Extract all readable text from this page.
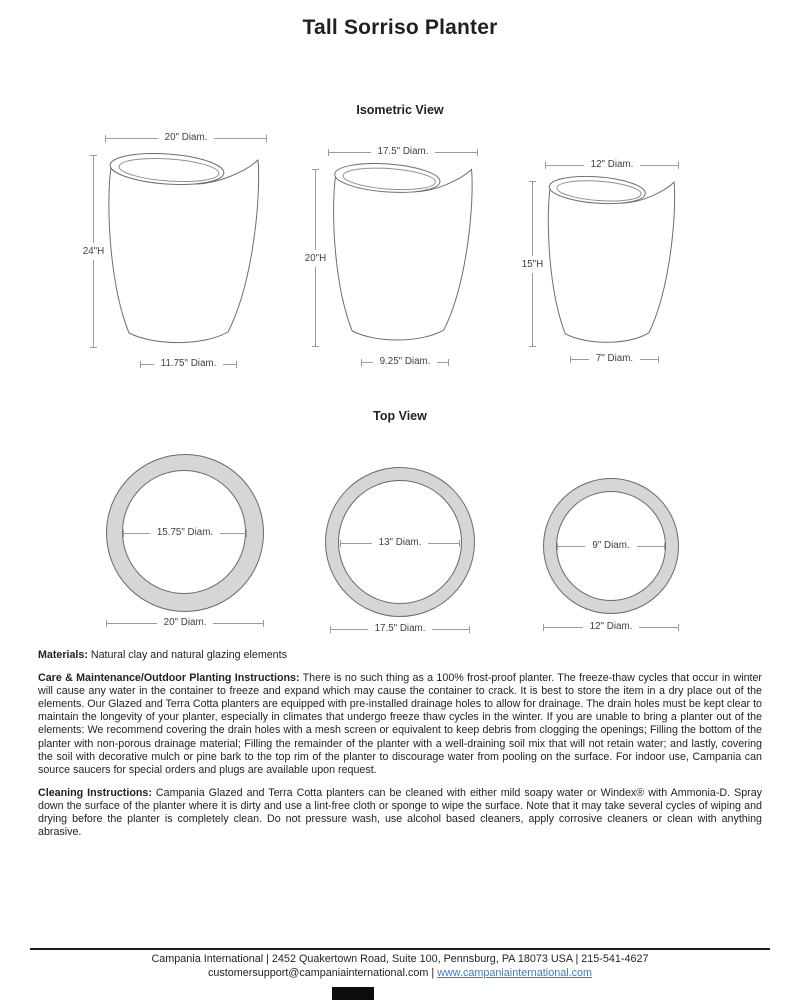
Tall Sorriso Planter
Isometric View
20" Diam.
24"H
11.75" Diam.
17.5" Diam.
20"H
9.25" Diam.
12" Diam.
15"H
7" Diam.
Top View
15.75" Diam.
20" Diam.
13" Diam.
17.5" Diam.
9" Diam.
12" Diam.

Materials: Natural clay and natural glazing elements

Care & Maintenance/Outdoor Planting Instructions: There is no such thing as a 100% frost-proof planter. The freeze-thaw cycles that occur in winter will cause any water in the container to freeze and expand which may cause the container to crack. It is best to store the item in a dry place out of the elements. Our Glazed and Terra Cotta planters are equipped with pre-installed drainage holes to allow for drainage. The drain holes must be kept clear to maintain the longevity of your planter, especially in climates that undergo freeze thaw cycles in the winter. If you are unable to bring a planter out of the elements: We recommend covering the drain holes with a mesh screen or equivalent to keep debris from clogging the openings; Filling the bottom of the planter with non-porous drainage material; Filling the remainder of the planter with a well-draining soil mix that will not retain water; and lastly, covering the soil with decorative mulch or pine bark to the top rim of the planter to discourage water from pooling on the surface. For indoor use, Campania can source saucers for special orders and plugs are available upon request.

Cleaning Instructions: Campania Glazed and Terra Cotta planters can be cleaned with either mild soapy water or Windex® with Ammonia-D. Spray down the surface of the planter where it is dirty and use a lint-free cloth or sponge to wipe the surface. Note that it may take several cycles of wiping and drying before the planter is completely clean. Do not pressure wash, use alcohol based cleaners, apply corrosive cleaners or clean with anything abrasive.

Campania International | 2452 Quakertown Road, Suite 100, Pennsburg, PA 18073 USA | 215-541-4627
customersupport@campaniainternational.com | www.campaniainternational.com
